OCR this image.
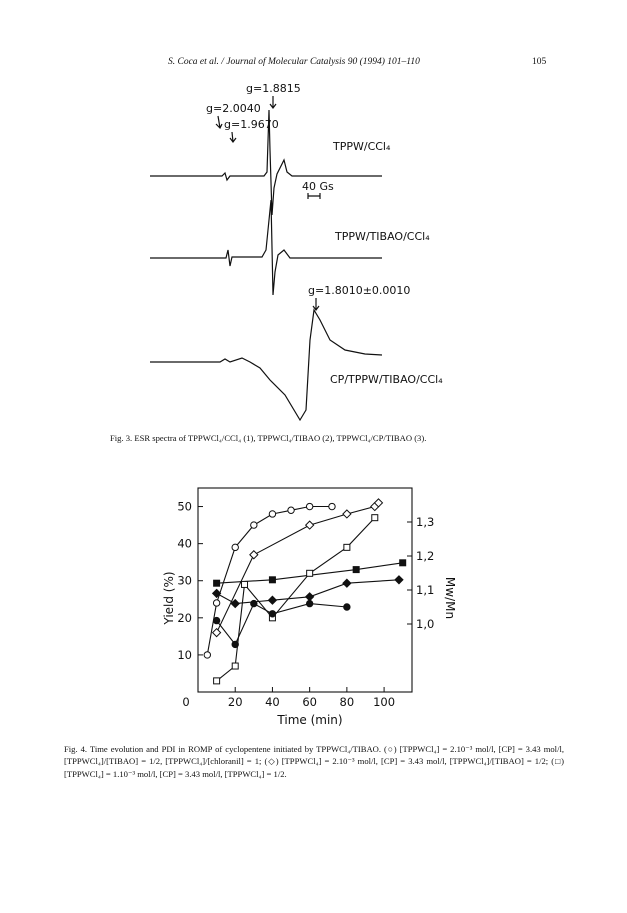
S. Coca et al. / Journal of Molecular Catalysis 90 (1994) 101–110	105
g=1.8815
g=2.0040
g=1.9670
TPPW/CCl₄
40 Gs
TPPW/TIBAO/CCl₄
g=1.8010±0.0010
CP/TPPW/TIBAO/CCl₄
Fig. 3. ESR spectra of TPPWCl₄/CCl₄ (1), TPPWCl₄/TIBAO (2), TPPWCl₄/CP/TIBAO (3).
0	20 40 60 80 100
10
20
30
40
50
1,0
1,1
1,2
1,3
Time (min)
Yield (%)	Mw/Mn
Fig. 4. Time evolution and PDI in ROMP of cyclopentene initiated by TPPWCl₄/TIBAO. (○) [TPPWCl₄] = 2.10⁻³ mol/l, [CP] = 3.43 mol/l, [TPPWCl₄]/[TIBAO] = 1/2, [TPPWCl₄]/[chloranil] = 1; (◇) [TPPWCl₄] = 2.10⁻³ mol/l, [CP] = 3.43 mol/l, [TPPWCl₄]/[TIBAO] = 1/2; (□) [TPPWCl₄] = 1.10⁻³ mol/l, [CP] = 3.43 mol/l, [TPPWCl₄] = 1/2.
